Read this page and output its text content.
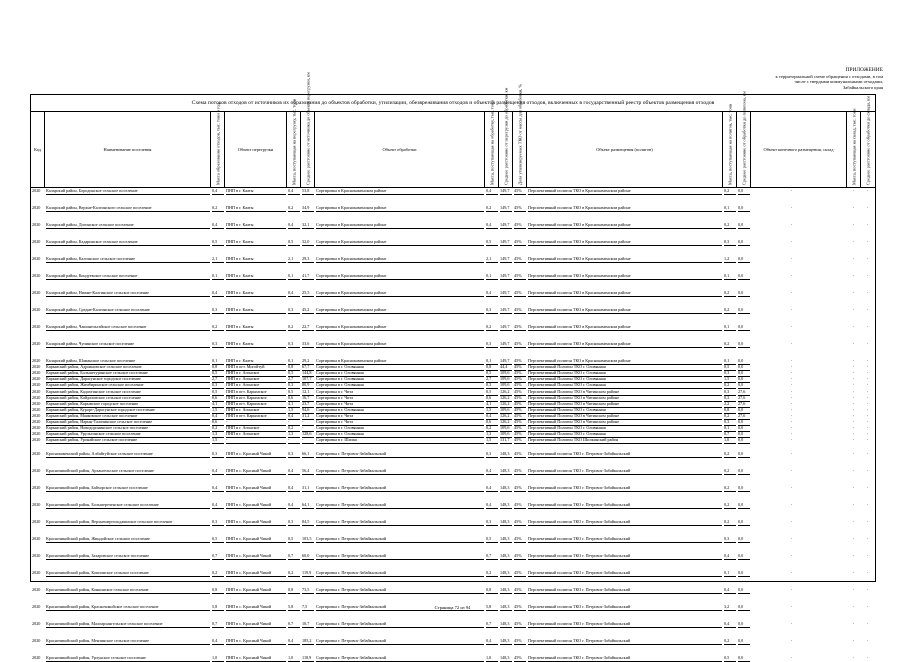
ПРИЛОЖЕНИЕ
к территориальной схеме обращения с отходами, в том
числе с твердыми коммунальными отходами,
Забайкальского края
Схема потоков отходов от источников их образования до объектов обработки, утилизации, обезвреживания отходов и объектов размещения отходов, включенных в государственный реестр объектов размещения отходов
Код	Наименование поселения	Масса образования отходов, тыс. тонн в год	Объект перегрузки	Масса, поступающая на перегрузку, тыс. тонн Среднее расстояние от источника до объекта перегрузки, км	Объект обработки	Масса, поступающая на обработку, тыс. тонн Среднее расстояние от перегрузки до обработки, км Доля утилизируемых ТКО от массы для обработки, %	Объект размещения (полигон)	Масса, поступающая на полигон, тыс. тонн Среднее расстояние от обработки до полигона, км	Объект конечного размещения, склад	Масса, поступающая на склад, тыс. тонн Среднее расстояние от обработки до склада, км
2020	Каларский район, Бородинское сельское поселение	0,4	ПНП в г. Кааты	0,4	53,8	Сортировка в Краснокаменском районе	0,4	149,7	45%	Перспективный полигон ТКО в Краснокаменском районе	0,2	0,0	-	-	-
2020	Каларский район, Верхне-Калгинского сельское поселение	0,2	ПНП в г. Кааты	0,2	34,9	Сортировка в Краснокаменском районе	0,2	149,7	45%	Перспективный полигон ТКО в Краснокаменском районе	0,1	0,0	-	-	-
2020	Каларский район, Догинское сельское поселение	0,4	ПНП в г. Кааты	0,4	32,1	Сортировка в Краснокаменском районе	0,4	149,7	45%	Перспективный полигон ТКО в Краснокаменском районе	0,2	0,0	-	-	-
2020	Каларский район, Кадаринское сельское поселение	0,5	ПНП в г. Кааты	0,5	32,0	Сортировка в Краснокаменском районе	0,5	149,7	45%	Перспективный полигон ТКО в Краснокаменском районе	0,3	0,0	-	-	-
2020	Каларский район, Калганское сельское поселение	2,1	ПНП в г. Кааты	2,1	29,3	Сортировка в Краснокаменском районе	2,1	149,7	45%	Перспективный полигон ТКО в Краснокаменском районе	1,2	0,0	-	-	-
2020	Каларский район, Кондуевское сельское поселение	0,1	ПНП в г. Кааты	0,1	41,7	Сортировка в Краснокаменском районе	0,1	149,7	45%	Перспективный полигон ТКО в Краснокаменском районе	0,1	0,0	-	-	-
2020	Каларский район, Нижне-Калгинское сельское поселение	0,4	ПНП в г. Кааты	0,4	25,5	Сортировка в Краснокаменском районе	0,4	149,7	45%	Перспективный полигон ТКО в Краснокаменском районе	0,2	0,0	-	-	-
2020	Каларский район, Средне-Калгинское сельское поселение	0,3	ПНП в г. Кааты	0,3	45,2	Сортировка в Краснокаменском районе	0,3	149,7	45%	Перспективный полигон ТКО в Краснокаменском районе	0,2	0,0	-	-	-
2020	Каларский район, Чашинельгайское сельское поселение	0,2	ПНП в г. Кааты	0,2	22,7	Сортировка в Краснокаменском районе	0,2	149,7	45%	Перспективный полигон ТКО в Краснокаменском районе	0,1	0,0	-	-	-
2020	Каларский район, Чупинское сельское поселение	0,3	ПНП в г. Кааты	0,3	33,6	Сортировка в Краснокаменском районе	0,3	149,7	45%	Перспективный полигон ТКО в Краснокаменском районе	0,2	0,0	-	-	-
2020	Каларский район, Шаманское сельское поселение	0,1	ПНП в г. Кааты	0,1	29,2	Сортировка в Краснокаменском районе	0,1	149,7	45%	Перспективный полигон ТКО в Краснокаменском районе	0,1	0,0	-	-	-
2020	Карымский район, Адриановское сельское поселение	0,8	ПНП в пгт. Могойтуй	0,8	67,7	Сортировка в г. Оловянная	0,8	44,4	45%	Перспективный Полигон ТКО г. Оловянная	0,5	0,0	-	-	-
2020	Карымский район, Большетуринское сельское поселение	0,5	ПНП в г. Агинское	0,5	144,8	Сортировка в г. Оловянная	0,5	109,6	45%	Перспективный Полигон ТКО г. Оловянная	0,3	0,0	-	-	-
2020	Карымский район, Дарасунское городское поселение	2,7	ПНП в г. Агинское	2,7	107,7	Сортировка в г. Оловянная	2,7	109,6	45%	Перспективный Полигон ТКО г. Оловянная	1,5	0,0	-	-	-
2020	Карымский район, Жимбиринское сельское поселение	0,3	ПНП в г. Агинское	0,3	80,9	Сортировка в г. Оловянная	0,3	109,6	45%	Перспективный Полигон ТКО г. Оловянная	0,2	0,0	-	-	-
2020	Карымский район, Кадахтинское сельское поселение	0,5	ПНП в пгт. Карымское	0,5	12,1	Сортировка в г. Чита	0,5	126,2	45%	Перспективный Полигон ТКО в Читинском районе	0,3	27,6	-	-	-
2020	Карымский район, Кайдаловское сельское поселение	0,6	ПНП в пгт. Карымское	0,6	16,7	Сортировка в г. Чита	0,6	126,2	45%	Перспективный Полигон ТКО в Читинском районе	0,3	27,6	-	-	-
2020	Карымский район, Карымское городское поселение	4,1	ПНП в пгт. Карымское	4,1	23,7	Сортировка в г. Чита	4,1	126,2	45%	Перспективный Полигон ТКО в Читинском районе	2,2	27,6	-	-	-
2020	Карымский район, Курорт-Дарасунское городское поселение	1,5	ПНП в г. Агинское	1,5	94,6	Сортировка в г. Оловянная	1,5	109,6	45%	Перспективный Полигон ТКО г. Оловянная	0,8	0,0	-	-	-
2020	Карымский район, Маяковское сельское поселение	0,4	ПНП в пгт. Карымское	0,4	31,2	Сортировка в г. Чита	0,4	126,2	45%	Перспективный Полигон ТКО в Читинском районе	0,2	27,6	-	-	-
2020	Карымский район, Нарын-Талачинское сельское поселение	0,6	-	-	-	Сортировка в г. Чита	0,6	126,2	45%	Перспективный Полигон ТКО в Читинском районе	0,3	0,0	-	-	-
2020	Карымский район, Новодоронинское сельское поселение	0,2	ПНП в г. Агинское	0,2	-	Сортировка в г. Оловянная	0,2	109,6	45%	Перспективный Полигон ТКО г. Оловянная	0,1	0,0	-	-	-
2020	Карымский район, Урульгинское сельское поселение	1,3	ПНП в г. Агинское	1,3	128,6	Сортировка в г. Оловянная	1,3	109,6	45%	Перспективный Полигон ТКО г. Оловянная	0,7	0,0	-	-	-
2020	Карымский район, Уронайское сельское поселение	1,5	-	-	-	Сортировка в г. Шилка	1,5	131,7	45%	Перспективный Полигон ТКО Шилкинский район	1,0	0,0	-	-	-
2020	Краснокаменский район, Албайтуйское сельское поселение	0,3	ПНП в с. Красный Чикой	0,3	66,1	Сортировка г. Петровск-Забайкальский	0,3	148,3	45%	Перспективный полигон ТКО г. Петровск-Забайкальский	0,2	0,0	-	-	-
2020	Красночикойский район, Архангельское сельское поселение	0,4	ПНП в с. Красный Чикой	0,4	56,4	Сортировка г. Петровск-Забайкальский	0,4	148,3	45%	Перспективный полигон ТКО г. Петровск-Забайкальский	0,2	0,0	-	-	-
2020	Красночикойский район, Байхорское сельское поселение	0,4	ПНП в с. Красный Чикой	0,4	31,1	Сортировка г. Петровск-Забайкальский	0,4	148,3	45%	Перспективный полигон ТКО г. Петровск-Забайкальский	0,2	0,0	-	-	-
2020	Красночикойский район, Большереченское сельское поселение	0,4	ПНП в с. Красный Чикой	0,4	64,1	Сортировка г. Петровск-Забайкальский	0,4	148,3	45%	Перспективный полигон ТКО г. Петровск-Забайкальский	0,2	0,0	-	-	-
2020	Красночикойский район, Верхнешергольджинское сельское поселение	0,3	ПНП в с. Красный Чикой	0,3	84,5	Сортировка г. Петровск-Забайкальский	0,3	148,3	45%	Перспективный полигон ТКО г. Петровск-Забайкальский	0,2	0,0	-	-	-
2020	Красночикойский район, Жиндойское сельское поселение	0,5	ПНП в с. Красный Чикой	0,5	103,5	Сортировка г. Петровск-Забайкальский	0,5	148,3	45%	Перспективный полигон ТКО г. Петровск-Забайкальский	0,3	0,0	-	-	-
2020	Красночикойский район, Захаровское сельское поселение	0,7	ПНП в с. Красный Чикой	0,7	60,0	Сортировка г. Петровск-Забайкальский	0,7	148,3	45%	Перспективный полигон ТКО г. Петровск-Забайкальский	0,4	0,0	-	-	-
2020	Красночикойский район, Коппинское сельское поселение	0,2	ПНП в с. Красный Чикой	0,2	119,9	Сортировка г. Петровск-Забайкальский	0,2	148,3	45%	Перспективный полигон ТКО г. Петровск-Забайкальский	0,1	0,0	-	-	-
2020	Красночикойский район, Конкинское сельское поселение	0,8	ПНП в с. Красный Чикой	0,8	73,5	Сортировка г. Петровск-Забайкальский	0,8	148,3	45%	Перспективный полигон ТКО г. Петровск-Забайкальский	0,4	0,0	-	-	-
2020	Красночикойский район, Красночикойское сельское поселение	5,8	ПНП в с. Красный Чикой	5,8	7,5	Сортировка г. Петровск-Забайкальский	5,8	148,3	45%	Перспективный полигон ТКО г. Петровск-Забайкальский	3,2	0,0	-	-	-
2020	Красночикойский район, Малоархангельское сельское поселение	0,7	ПНП в с. Красный Чикой	0,7	10,7	Сортировка г. Петровск-Забайкальский	0,7	148,3	45%	Перспективный полигон ТКО г. Петровск-Забайкальский	0,4	0,0	-	-	-
2020	Красночикойский район, Мензинское сельское поселение	0,4	ПНП в с. Красный Чикой	0,4	185,2	Сортировка г. Петровск-Забайкальский	0,4	148,3	45%	Перспективный полигон ТКО г. Петровск-Забайкальский	0,2	0,0	-	-	-
2020	Красночикойский район, Урлукское сельское поселение	1,0	ПНП в с. Красный Чикой	1,0	118,9	Сортировка г. Петровск-Забайкальский	1,0	148,3	45%	Перспективный полигон ТКО г. Петровск-Забайкальский	0,5	0,0	-	-	-
Страница 72 из 94
